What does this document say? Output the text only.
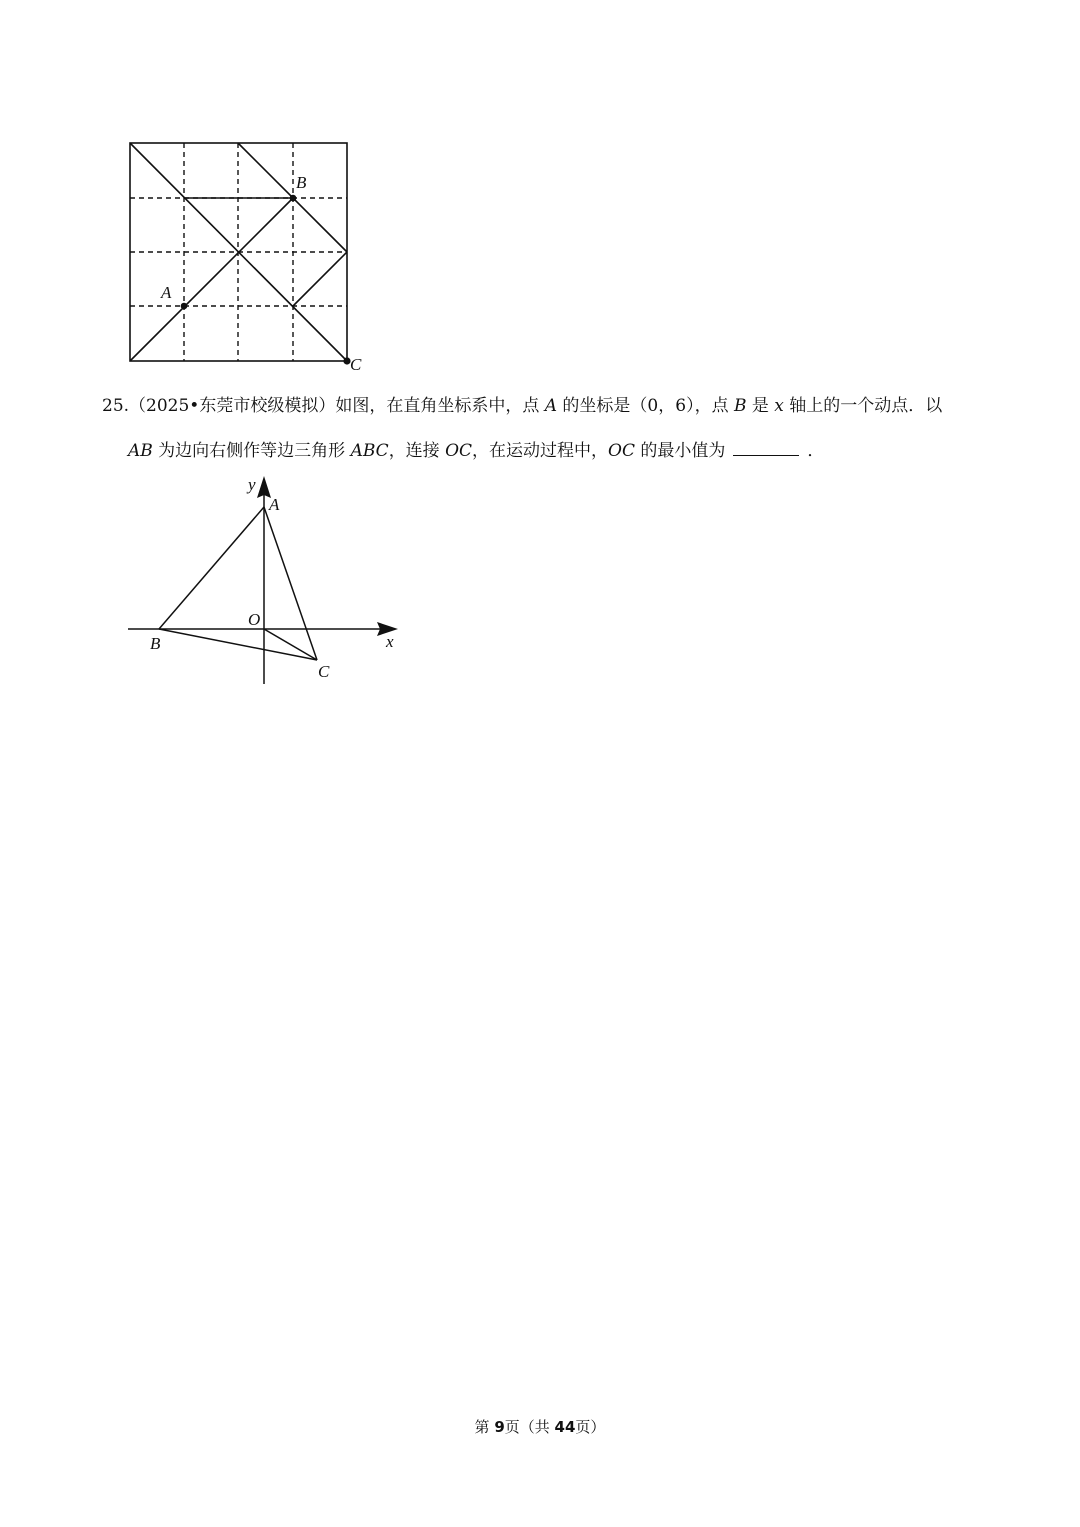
B
A
C
25.（2025•东莞市校级模拟）如图，在直角坐标系中，点 A 的坐标是（0，6），点 B 是 x 轴上的一个动点．以
AB 为边向右侧作等边三角形 ABC，连接 OC，在运动过程中，OC 的最小值为	．
y
A
O
B	x
C
第 9页（共 44页）
